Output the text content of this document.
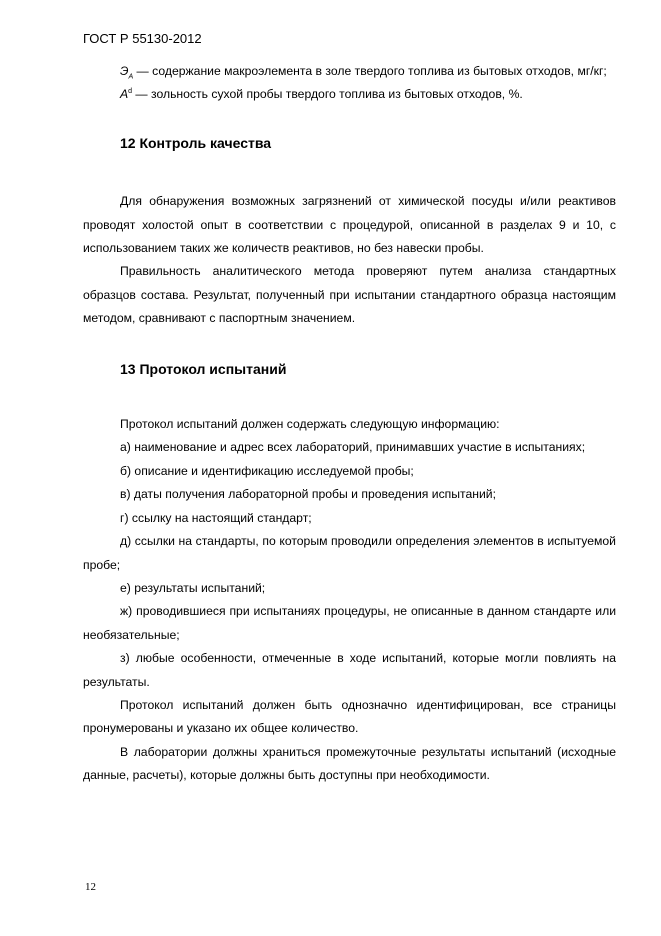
ГОСТ Р 55130-2012

$Э_A$ — содержание макроэлемента в золе твердого топлива из бытовых отходов, мг/кг;

$A^d$ — зольность сухой пробы твердого топлива из бытовых отходов, %.

12 Контроль качества

Для обнаружения возможных загрязнений от химической посуды и/или реактивов проводят холостой опыт в соответствии с процедурой, описанной в разделах 9 и 10, с использованием таких же количеств реактивов, но без навески пробы.

Правильность аналитического метода проверяют путем анализа стандартных образцов состава. Результат, полученный при испытании стандартного образца настоящим методом, сравнивают с паспортным значением.

13 Протокол испытаний

Протокол испытаний должен содержать следующую информацию:

а) наименование и адрес всех лабораторий, принимавших участие в испытаниях;

б) описание и идентификацию исследуемой пробы;

в) даты получения лабораторной пробы и проведения испытаний;

г) ссылку на настоящий стандарт;

д) ссылки на стандарты, по которым проводили определения элементов в испытуемой пробе;

е) результаты испытаний;

ж) проводившиеся при испытаниях процедуры, не описанные в данном стандарте или необязательные;

з) любые особенности, отмеченные в ходе испытаний, которые могли повлиять на результаты.

Протокол испытаний должен быть однозначно идентифицирован, все страницы пронумерованы и указано их общее количество.

В лаборатории должны храниться промежуточные результаты испытаний (исходные данные, расчеты), которые должны быть доступны при необходимости.

12
